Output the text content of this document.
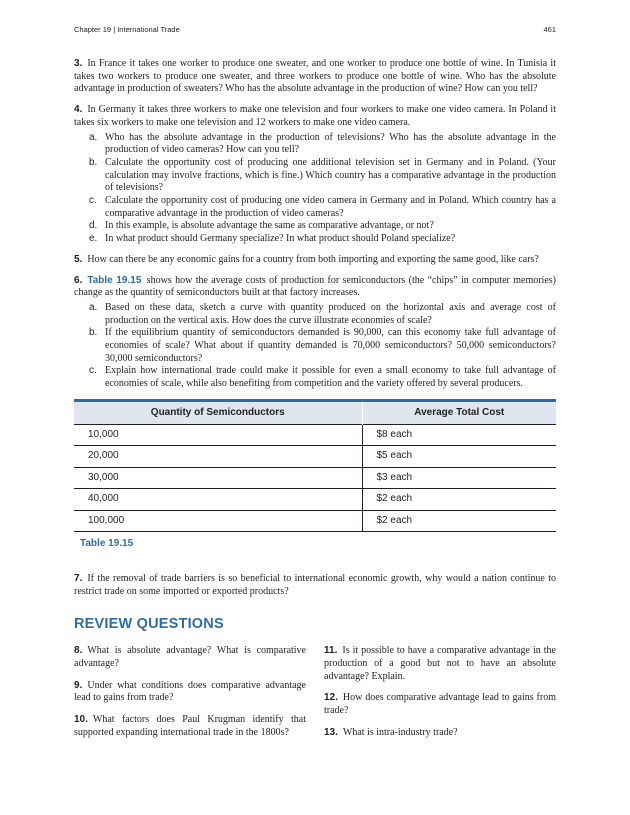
Chapter 19 | International Trade	461
3. In France it takes one worker to produce one sweater, and one worker to produce one bottle of wine. In Tunisia it takes two workers to produce one sweater, and three workers to produce one bottle of wine. Who has the absolute advantage in production of sweaters? Who has the absolute advantage in the production of wine? How can you tell?
4. In Germany it takes three workers to make one television and four workers to make one video camera. In Poland it takes six workers to make one television and 12 workers to make one video camera.
a. Who has the absolute advantage in the production of televisions? Who has the absolute advantage in the production of video cameras? How can you tell?
b. Calculate the opportunity cost of producing one additional television set in Germany and in Poland. (Your calculation may involve fractions, which is fine.) Which country has a comparative advantage in the production of televisions?
c. Calculate the opportunity cost of producing one video camera in Germany and in Poland. Which country has a comparative advantage in the production of video cameras?
d. In this example, is absolute advantage the same as comparative advantage, or not?
e. In what product should Germany specialize? In what product should Poland specialize?
5. How can there be any economic gains for a country from both importing and exporting the same good, like cars?
6. Table 19.15 shows how the average costs of production for semiconductors (the “chips” in computer memories) change as the quantity of semiconductors built at that factory increases.
a. Based on these data, sketch a curve with quantity produced on the horizontal axis and average cost of production on the vertical axis. How does the curve illustrate economies of scale?
b. If the equilibrium quantity of semiconductors demanded is 90,000, can this economy take full advantage of economies of scale? What about if quantity demanded is 70,000 semiconductors? 50,000 semiconductors? 30,000 semiconductors?
c. Explain how international trade could make it possible for even a small economy to take full advantage of economies of scale, while also benefiting from competition and the variety offered by several producers.
Quantity of Semiconductors	Average Total Cost
10,000	$8 each
20,000	$5 each
30,000	$3 each
40,000	$2 each
100,000	$2 each
Table 19.15
7. If the removal of trade barriers is so beneficial to international economic growth, why would a nation continue to restrict trade on some imported or exported products?
REVIEW QUESTIONS
8. What is absolute advantage? What is comparative advantage?
9. Under what conditions does comparative advantage lead to gains from trade?
10. What factors does Paul Krugman identify that supported expanding international trade in the 1800s?
11. Is it possible to have a comparative advantage in the production of a good but not to have an absolute advantage? Explain.
12. How does comparative advantage lead to gains from trade?
13. What is intra-industry trade?
